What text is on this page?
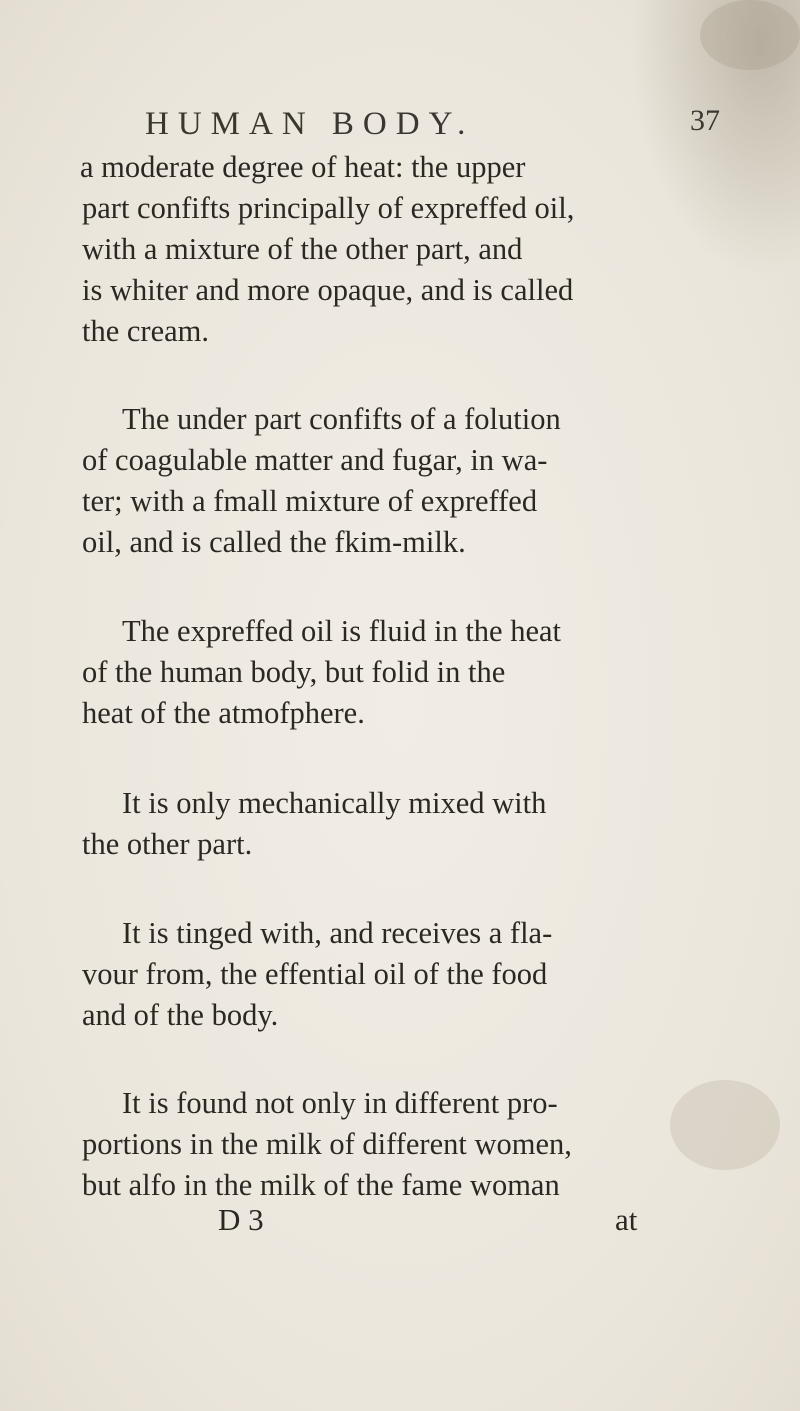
HUMAN BODY.	37
a moderate degree of heat: the upper
part confifts principally of expreffed oil,
with a mixture of the other part, and
is whiter and more opaque, and is called
the cream.
The under part confifts of a folution
of coagulable matter and fugar, in wa-
ter; with a fmall mixture of expreffed
oil, and is called the fkim-milk.
The expreffed oil is fluid in the heat
of the human body, but folid in the
heat of the atmofphere.
It is only mechanically mixed with
the other part.
It is tinged with, and receives a fla-
vour from, the effential oil of the food
and of the body.
It is found not only in different pro-
portions in the milk of different women,
but alfo in the milk of the fame woman
D 3	at
